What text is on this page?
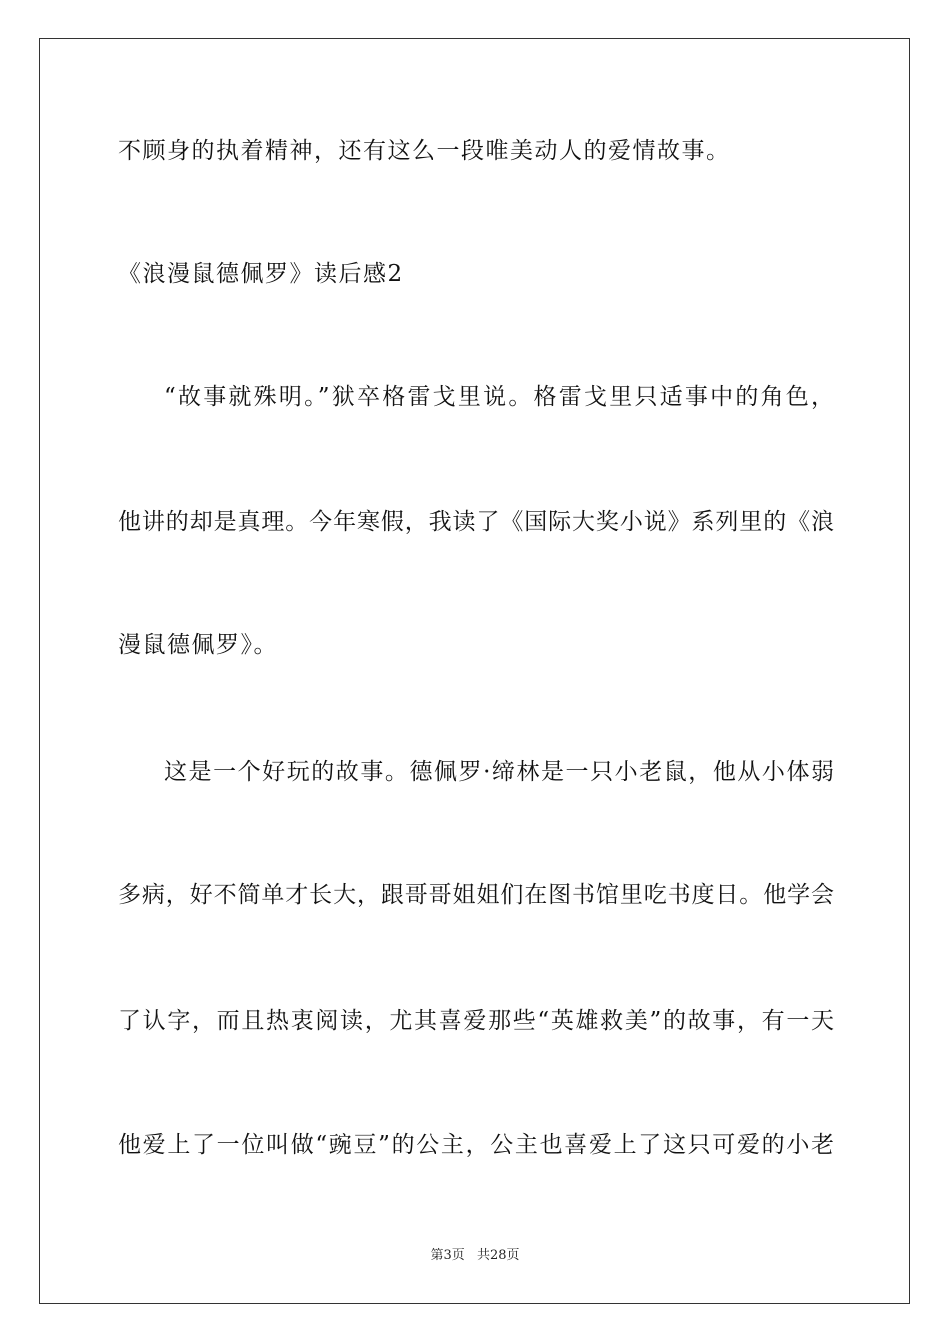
不顾身的执着精神，还有这么一段唯美动人的爱情故事。
《浪漫鼠德佩罗》读后感2
“故事就殊明。”狱卒格雷戈里说。格雷戈里只适事中的角色，
他讲的却是真理。今年寒假，我读了《国际大奖小说》系列里的《浪
漫鼠德佩罗》。
这是一个好玩的故事。德佩罗·缔林是一只小老鼠，他从小体弱
多病，好不简单才长大，跟哥哥姐姐们在图书馆里吃书度日。他学会
了认字，而且热衷阅读，尤其喜爱那些“英雄救美”的故事，有一天
他爱上了一位叫做“豌豆”的公主，公主也喜爱上了这只可爱的小老
第3页 共28页
